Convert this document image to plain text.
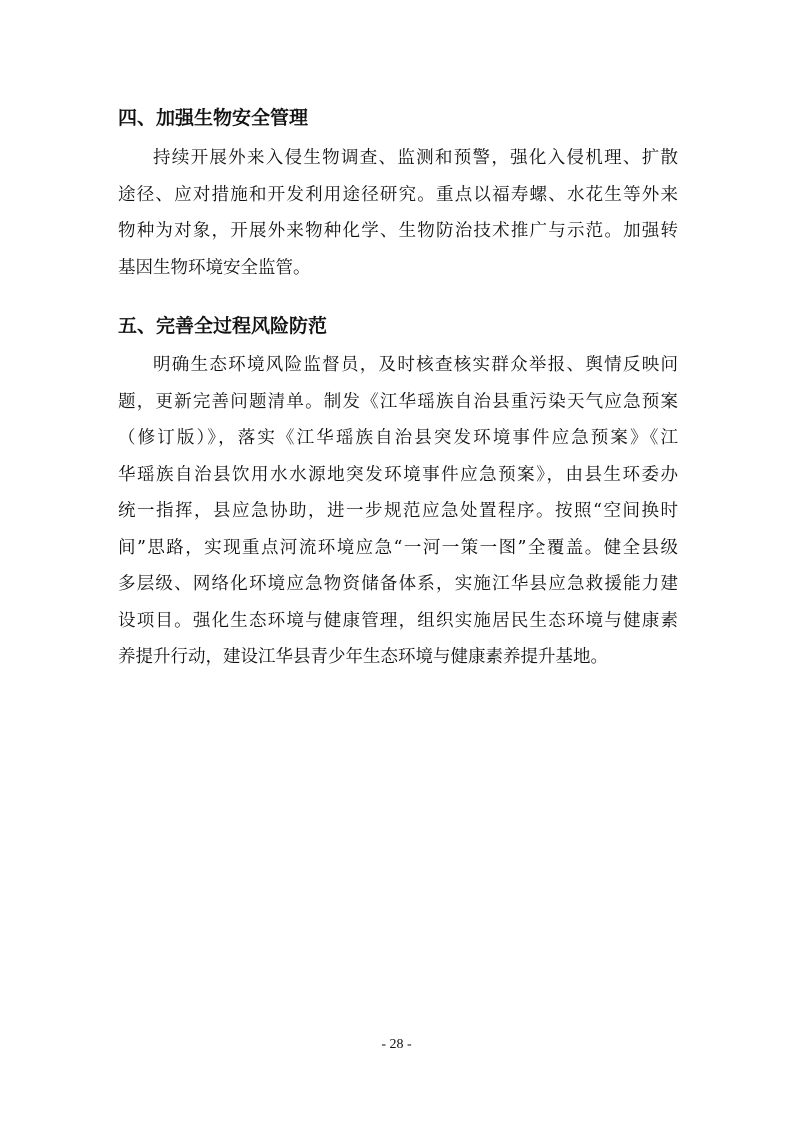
四、加强生物安全管理
持续开展外来入侵生物调查、监测和预警，强化入侵机理、扩散
途径、应对措施和开发利用途径研究。重点以福寿螺、水花生等外来
物种为对象，开展外来物种化学、生物防治技术推广与示范。加强转
基因生物环境安全监管。
五、完善全过程风险防范
明确生态环境风险监督员，及时核查核实群众举报、舆情反映问
题，更新完善问题清单。制发《江华瑶族自治县重污染天气应急预案
（修订版）》，落实《江华瑶族自治县突发环境事件应急预案》《江
华瑶族自治县饮用水水源地突发环境事件应急预案》，由县生环委办
统一指挥，县应急协助，进一步规范应急处置程序。按照“空间换时
间”思路，实现重点河流环境应急“一河一策一图”全覆盖。健全县级
多层级、网络化环境应急物资储备体系，实施江华县应急救援能力建
设项目。强化生态环境与健康管理，组织实施居民生态环境与健康素
养提升行动，建设江华县青少年生态环境与健康素养提升基地。
- 28 -
